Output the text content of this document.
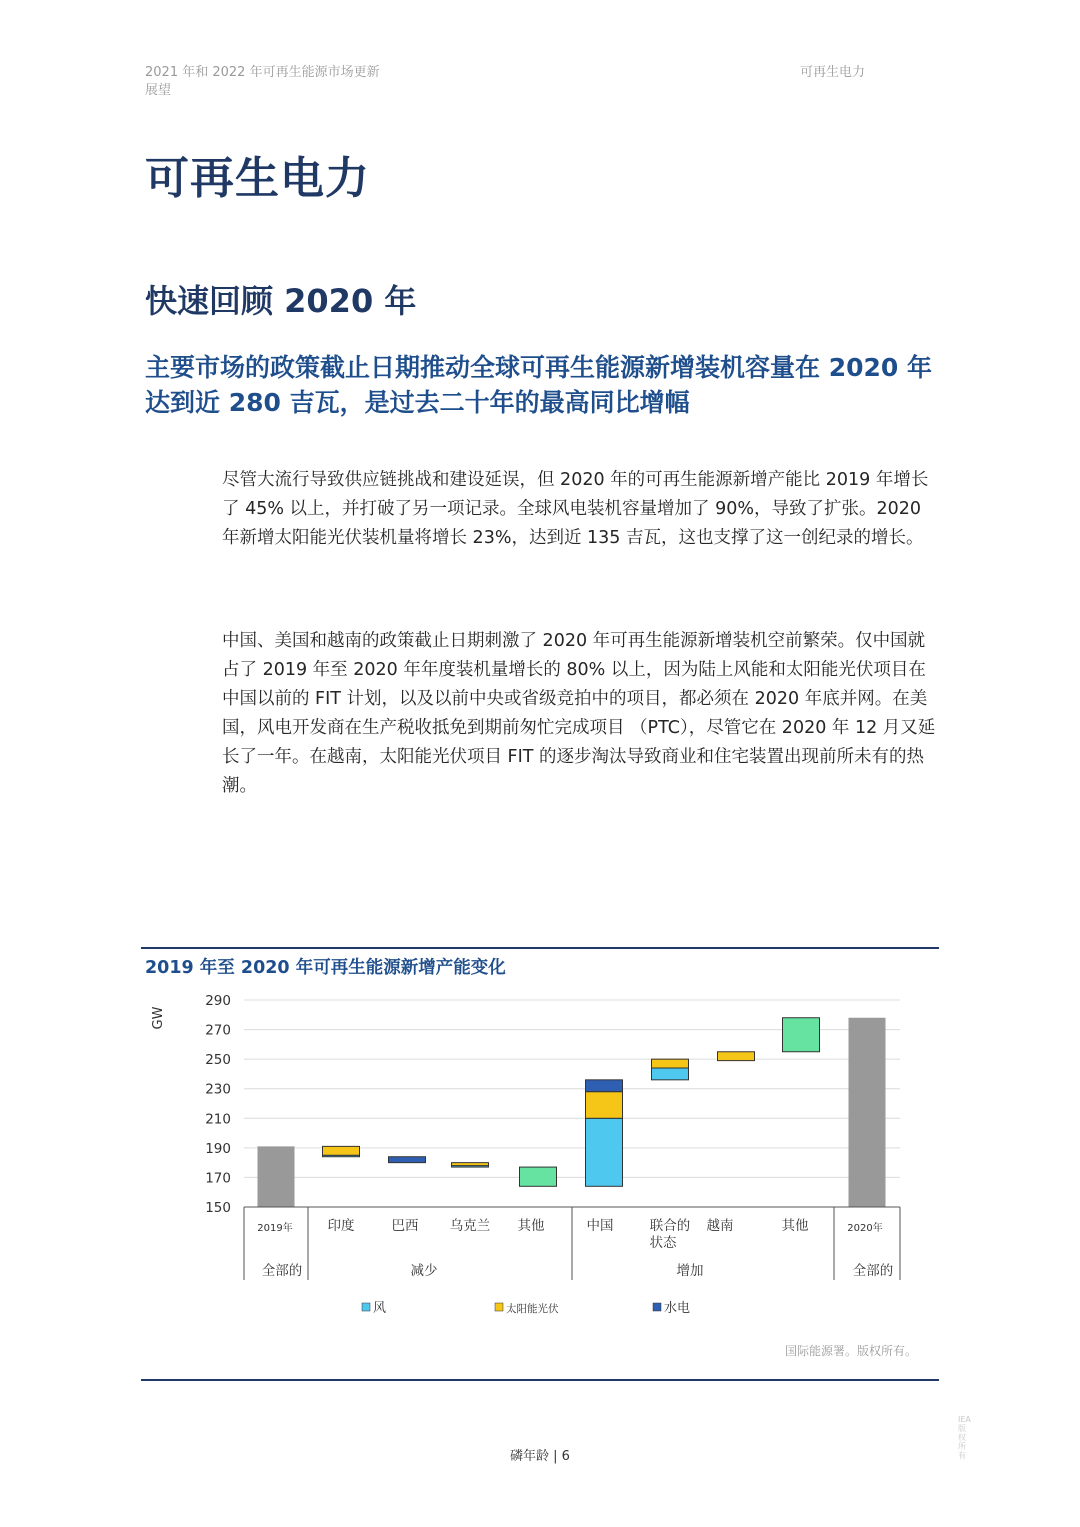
2021 年和 2022 年可再生能源市场更新展望
可再生电力
可再生电力
快速回顾 2020 年
主要市场的政策截止日期推动全球可再生能源新增装机容量在 2020 年达到近 280 吉瓦，是过去二十年的最高同比增幅

尽管大流行导致供应链挑战和建设延误，但 2020 年的可再生能源新增产能比 2019 年增长了 45% 以上，并打破了另一项记录。全球风电装机容量增加了 90%，导致了扩张。2020 年新增太阳能光伏装机量将增长 23%，达到近 135 吉瓦，这也支撑了这一创纪录的增长。

中国、美国和越南的政策截止日期刺激了 2020 年可再生能源新增装机空前繁荣。仅中国就占了 2019 年至 2020 年年度装机量增长的 80% 以上，因为陆上风能和太阳能光伏项目在中国以前的 FIT 计划，以及以前中央或省级竞拍中的项目，都必须在 2020 年底并网。在美国，风电开发商在生产税收抵免到期前匆忙完成项目 （PTC），尽管它在 2020 年 12 月又延长了一年。在越南，太阳能光伏项目 FIT 的逐步淘汰导致商业和住宅装置出现前所未有的热潮。

2019 年至 2020 年可再生能源新增产能变化
150
170
190
210
230
250
270
290
GW
2019年	印度	巴西 乌克兰 其他	中国	联合的状态
越南	其他	2020年
全部的	减少	增加	全部的
风	太阳能光伏	水电
国际能源署。版权所有。
磷年龄 | 6
IEA 版权所有
